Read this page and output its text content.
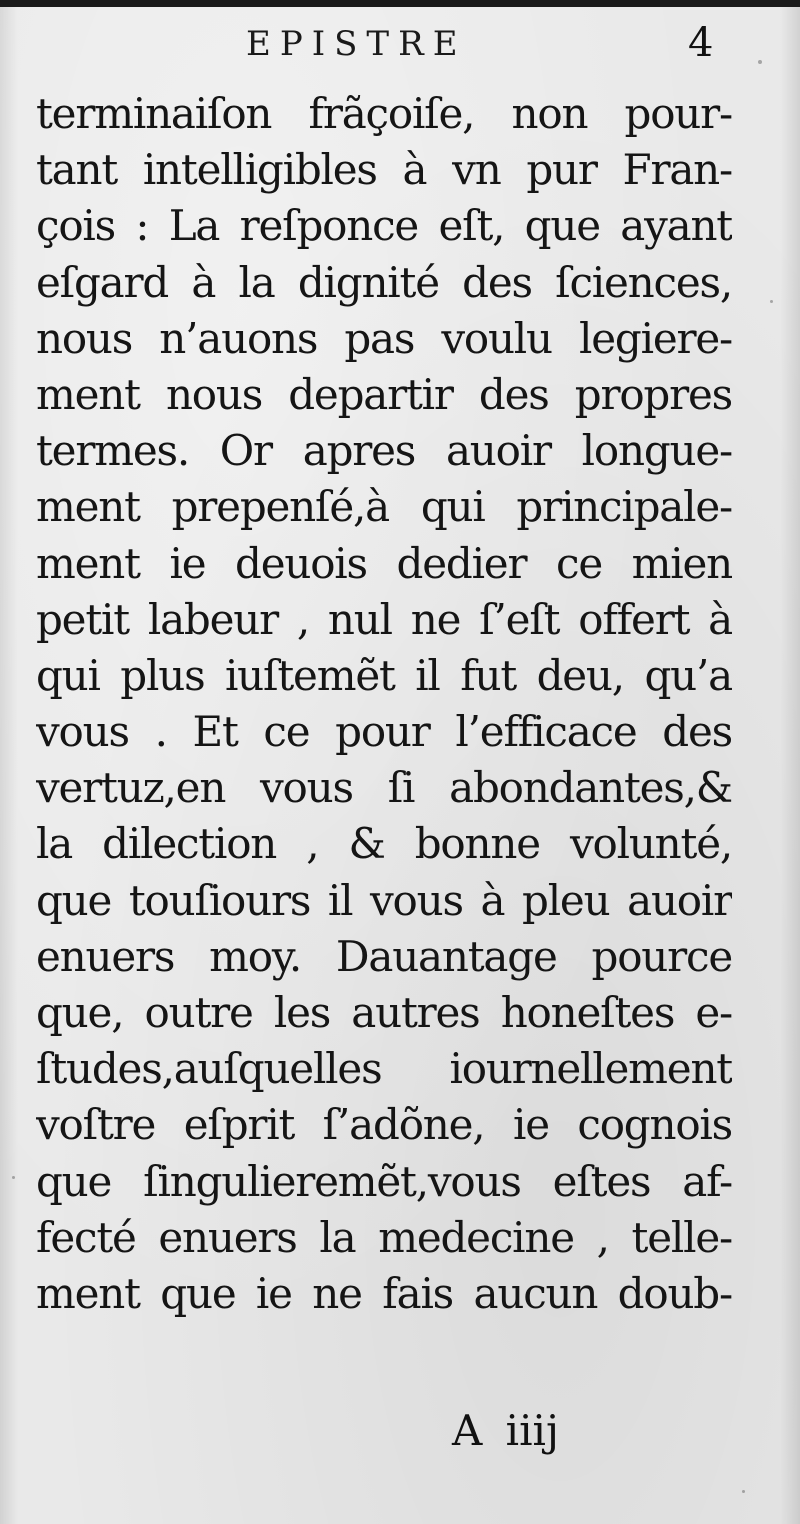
EPISTRE	4
terminaiſon frãçoiſe, non pour-
tant intelligibles à vn pur Fran-
çois : La reſponce eſt, que ayant
eſgard à la dignité des ſciences,
nous n’auons pas voulu legiere-
ment nous departir des propres
termes. Or apres auoir longue-
ment prepenſé,à qui principale-
ment ie deuois dedier ce mien
petit labeur , nul ne ſ’eſt offert à
qui plus iuſtemẽt il fut deu, qu’a
vous . Et ce pour l’efficace des
vertuz,en vous ſi abondantes,&
la dilection , & bonne volunté,
que touſiours il vous à pleu auoir
enuers moy. Dauantage pource
que, outre les autres honeſtes e-
ſtudes,auſquelles iournellement
voſtre eſprit ſ’adõne, ie cognois
que ſingulieremẽt,vous eſtes af-
fecté enuers la medecine , telle-
ment que ie ne fais aucun doub-
A iiij
